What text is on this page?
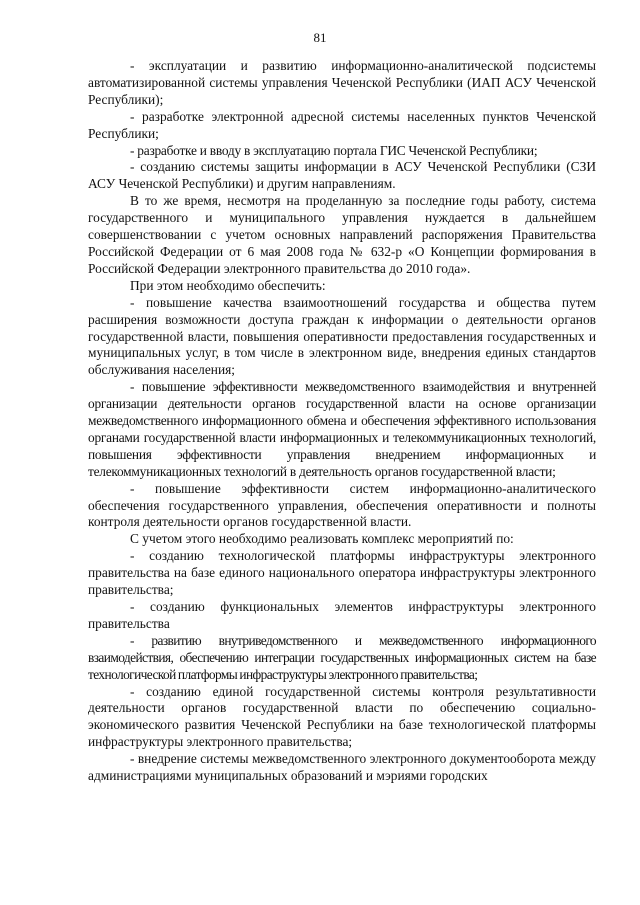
81

- эксплуатации и развитию информационно-аналитической подсистемы автоматизированной системы управления Чеченской Республики (ИАП АСУ Чеченской Республики);

- разработке электронной адресной системы населенных пунктов Чеченской Республики;

- разработке и вводу в эксплуатацию портала ГИС Чеченской Республики;

- созданию системы защиты информации в АСУ Чеченской Республики (СЗИ АСУ Чеченской Республики) и другим направлениям.

В то же время, несмотря на проделанную за последние годы работу, система государственного и муниципального управления нуждается в дальнейшем совершенствовании с учетом основных направлений распоряжения Правительства Российской Федерации от 6 мая 2008 года № 632-р «О Концепции формирования в Российской Федерации электронного правительства до 2010 года».

При этом необходимо обеспечить:

- повышение качества взаимоотношений государства и общества путем расширения возможности доступа граждан к информации о деятельности органов государственной власти, повышения оперативности предоставления государственных и муниципальных услуг, в том числе в электронном виде, внедрения единых стандартов обслуживания населения;

- повышение эффективности межведомственного взаимодействия и внутренней организации деятельности органов государственной власти на основе организации межведомственного информационного обмена и обеспечения эффективного использования органами государственной власти информационных и телекоммуникационных технологий, повышения эффективности управления внедрением информационных и телекоммуникационных технологий в деятельность органов государственной власти;

- повышение эффективности систем информационно-аналитического обеспечения государственного управления, обеспечения оперативности и полноты контроля деятельности органов государственной власти.

С учетом этого необходимо реализовать комплекс мероприятий по:

- созданию технологической платформы инфраструктуры электронного правительства на базе единого национального оператора инфраструктуры электронного правительства;

- созданию функциональных элементов инфраструктуры электронного правительства

- развитию внутриведомственного и межведомственного информационного взаимодействия, обеспечению интеграции государственных информационных систем на базе технологической платформы инфраструктуры электронного правительства;

- созданию единой государственной системы контроля результативности деятельности органов государственной власти по обеспечению социально-экономического развития Чеченской Республики на базе технологической платформы инфраструктуры электронного правительства;

- внедрение системы межведомственного электронного документооборота между администрациями муниципальных образований и мэриями городских
